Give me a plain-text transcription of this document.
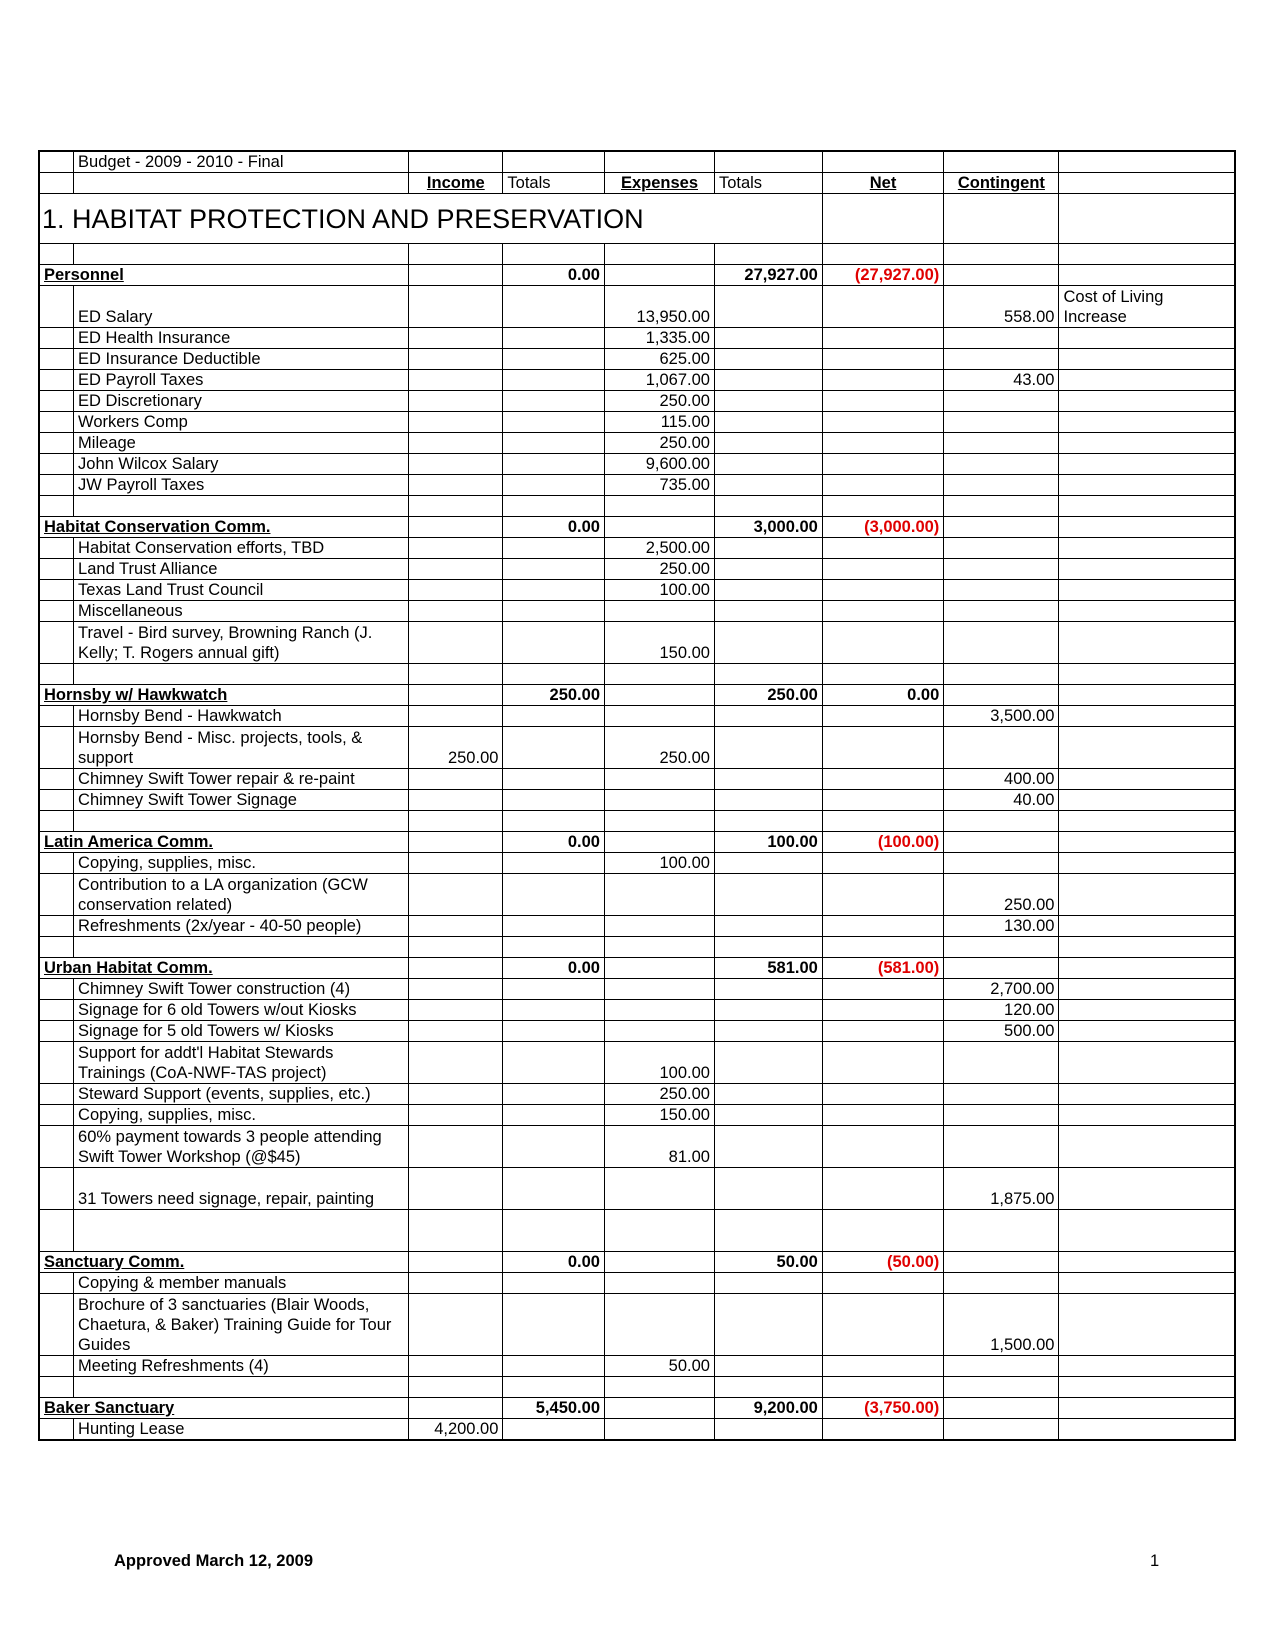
	Budget - 2009 - 2010 - Final							
		Income	Totals	Expenses	Totals	Net	Contingent	
1. HABITAT PROTECTION AND PRESERVATION								

Personnel			0.00		27,927.00	(27,927.00)		
	ED Salary			13,950.00			558.00	Cost of Living Increase
	ED Health Insurance			1,335.00				
	ED Insurance Deductible			625.00				
	ED Payroll Taxes			1,067.00			43.00	
	ED Discretionary			250.00				
	Workers Comp			115.00				
	Mileage			250.00				
	John Wilcox Salary			9,600.00				
	JW Payroll Taxes			735.00				

Habitat Conservation Comm.			0.00		3,000.00	(3,000.00)		
	Habitat Conservation efforts, TBD			2,500.00				
	Land Trust Alliance			250.00				
	Texas Land Trust Council			100.00				
	Miscellaneous							
	Travel - Bird survey, Browning Ranch (J. Kelly; T. Rogers annual gift)			150.00				

Hornsby w/ Hawkwatch			250.00		250.00	0.00		
	Hornsby Bend - Hawkwatch						3,500.00	
	Hornsby Bend - Misc. projects, tools, & support	250.00		250.00				
	Chimney Swift Tower repair & re-paint						400.00	
	Chimney Swift Tower Signage						40.00	

Latin America Comm.			0.00		100.00	(100.00)		
	Copying, supplies, misc.			100.00				
	Contribution to a LA organization (GCW conservation related)						250.00	
	Refreshments (2x/year - 40-50 people)						130.00	

Urban Habitat Comm.			0.00		581.00	(581.00)		
	Chimney Swift Tower construction (4)						2,700.00	
	Signage for 6 old Towers w/out Kiosks						120.00	
	Signage for 5 old Towers w/ Kiosks						500.00	
	Support for addt'l Habitat Stewards Trainings (CoA-NWF-TAS project)			100.00				
	Steward Support (events, supplies, etc.)			250.00				
	Copying, supplies, misc.			150.00				
	60% payment towards 3 people attending Swift Tower Workshop (@$45)			81.00				
	31 Towers need signage, repair, painting						1,875.00	

Sanctuary Comm.			0.00		50.00	(50.00)		
	Copying & member manuals							
	Brochure of 3 sanctuaries (Blair Woods, Chaetura, & Baker) Training Guide for Tour Guides						1,500.00	
	Meeting Refreshments (4)			50.00				

Baker Sanctuary			5,450.00		9,200.00	(3,750.00)		
	Hunting Lease	4,200.00						
Approved March 12, 2009	1
